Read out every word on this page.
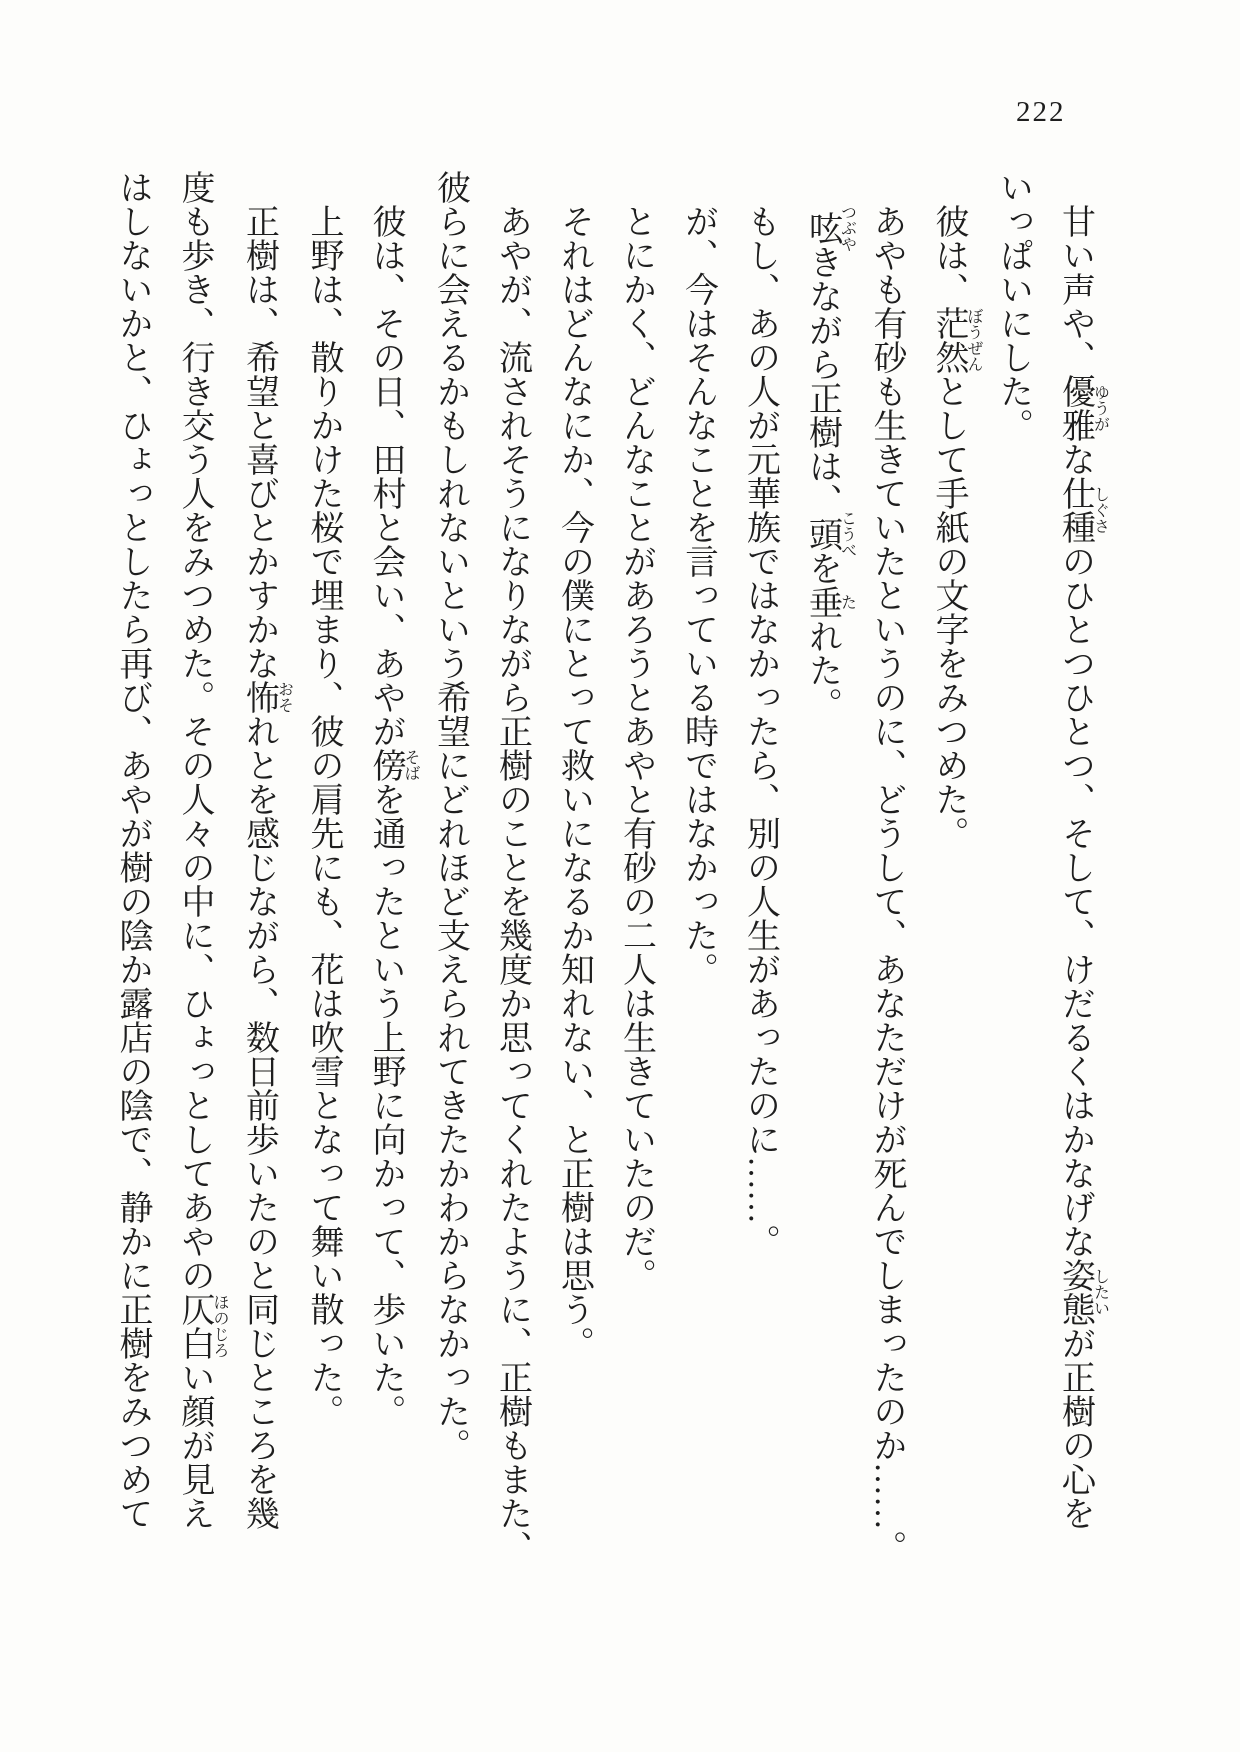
222
甘い声や、優雅ゆうがな仕種しぐさのひとつひとつ、そして、けだるくはかなげな姿態したいが正樹の心を
いっぱいにした。
彼は、茫然ぼうぜんとして手紙の文字をみつめた。
あやも有砂も生きていたというのに、どうして、あなただけが死んでしまったのか……。
呟つぶやきながら正樹は、頭こうべを垂たれた。
もし、あの人が元華族ではなかったら、別の人生があったのに……。
が、今はそんなことを言っている時ではなかった。
とにかく、どんなことがあろうとあやと有砂の二人は生きていたのだ。
それはどんなにか、今の僕にとって救いになるか知れない、と正樹は思う。
あやが、流されそうになりながら正樹のことを幾度か思ってくれたように、正樹もまた、
彼らに会えるかもしれないという希望にどれほど支えられてきたかわからなかった。
彼は、その日、田村と会い、あやが傍そばを通ったという上野に向かって、歩いた。
上野は、散りかけた桜で埋まり、彼の肩先にも、花は吹雪となって舞い散った。
正樹は、希望と喜びとかすかな怖おそれとを感じながら、数日前歩いたのと同じところを幾
度も歩き、行き交う人をみつめた。その人々の中に、ひょっとしてあやの仄白ほのじろい顔が見え
はしないかと、ひょっとしたら再び、あやが樹の陰か露店の陰で、静かに正樹をみつめて
